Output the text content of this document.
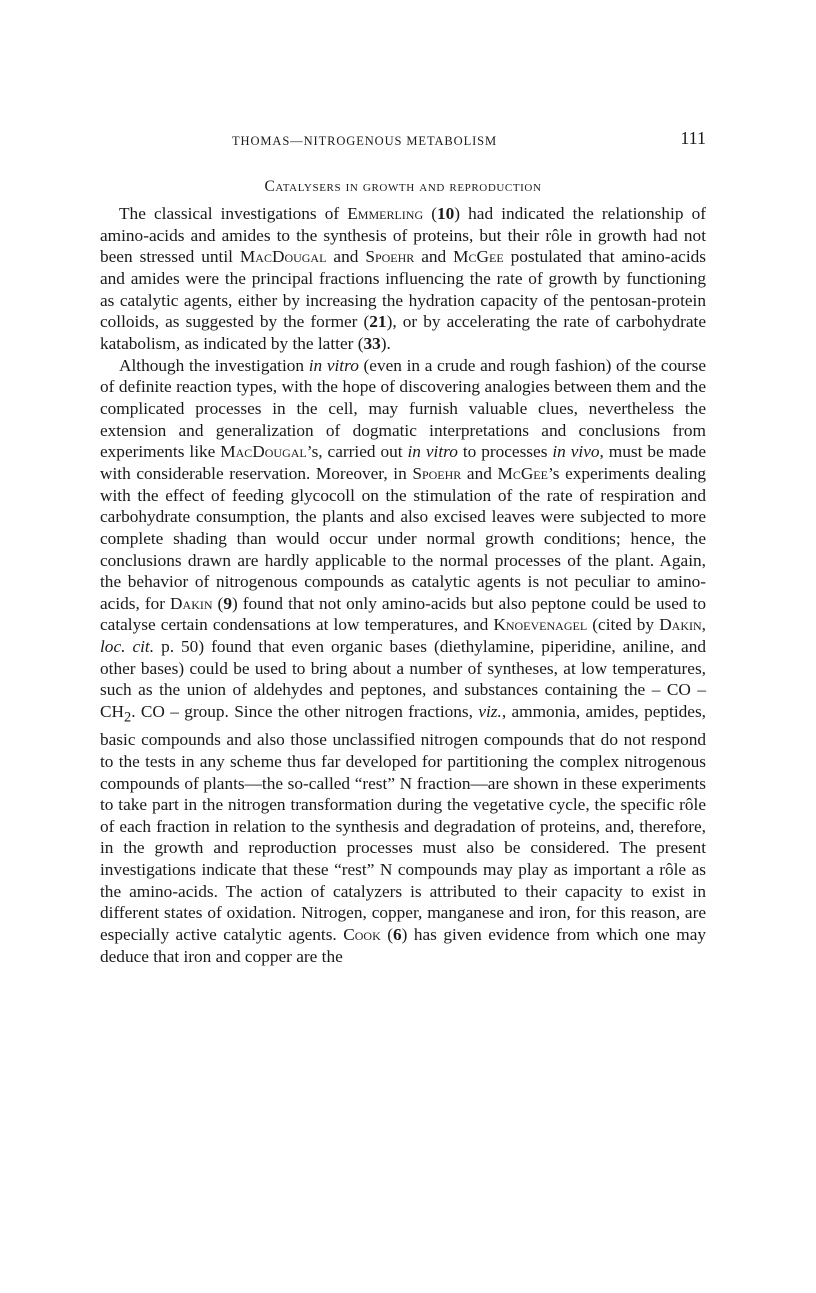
THOMAS—NITROGENOUS METABOLISM	111
Catalysers in growth and reproduction

The classical investigations of Emmerling (10) had indicated the relationship of amino-acids and amides to the synthesis of proteins, but their rôle in growth had not been stressed until MacDougal and Spoehr and McGee postulated that amino-acids and amides were the principal fractions influencing the rate of growth by functioning as catalytic agents, either by increasing the hydration capacity of the pentosan-protein colloids, as suggested by the former (21), or by accelerating the rate of carbohydrate katabolism, as indicated by the latter (33).

Although the investigation in vitro (even in a crude and rough fashion) of the course of definite reaction types, with the hope of discovering analogies between them and the complicated processes in the cell, may furnish valuable clues, nevertheless the extension and generalization of dogmatic interpretations and conclusions from experiments like MacDougal’s, carried out in vitro to processes in vivo, must be made with considerable reservation. Moreover, in Spoehr and McGee’s experiments dealing with the effect of feeding glycocoll on the stimulation of the rate of respiration and carbohydrate consumption, the plants and also excised leaves were subjected to more complete shading than would occur under normal growth conditions; hence, the conclusions drawn are hardly applicable to the normal processes of the plant. Again, the behavior of nitrogenous compounds as catalytic agents is not peculiar to amino-acids, for Dakin (9) found that not only amino-acids but also peptone could be used to catalyse certain condensations at low temperatures, and Knoevenagel (cited by Dakin, loc. cit. p. 50) found that even organic bases (diethylamine, piperidine, aniline, and other bases) could be used to bring about a number of syntheses, at low temperatures, such as the union of aldehydes and peptones, and substances containing the – CO – $CH_2$. CO – group. Since the other nitrogen fractions, viz., ammonia, amides, peptides, basic compounds and also those unclassified nitrogen compounds that do not respond to the tests in any scheme thus far developed for partitioning the complex nitrogenous compounds of plants—the so-called “rest” N fraction—are shown in these experiments to take part in the nitrogen transformation during the vegetative cycle, the specific rôle of each fraction in relation to the synthesis and degradation of proteins, and, therefore, in the growth and reproduction processes must also be considered. The present investigations indicate that these “rest” N compounds may play as important a rôle as the amino-acids. The action of catalyzers is attributed to their capacity to exist in different states of oxidation. Nitrogen, copper, manganese and iron, for this reason, are especially active catalytic agents. Cook (6) has given evidence from which one may deduce that iron and copper are the
